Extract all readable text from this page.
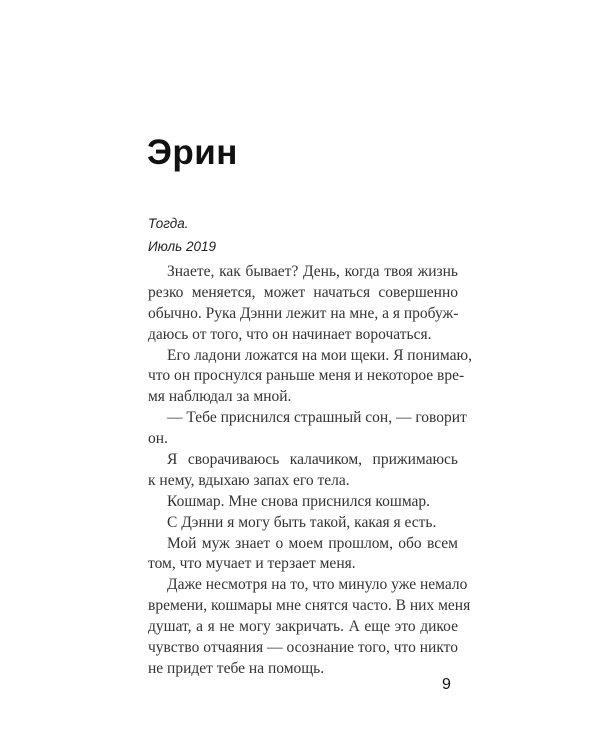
Эрин
Тогда.
Июль 2019
Знаете, как бывает? День, когда твоя жизнь
резко меняется, может начаться совершенно
обычно. Рука Дэнни лежит на мне, а я пробуж-
даюсь от того, что он начинает ворочаться.
Его ладони ложатся на мои щеки. Я понимаю,
что он проснулся раньше меня и некоторое вре-
мя наблюдал за мной.
— Тебе приснился страшный сон, — говорит
он.
Я сворачиваюсь калачиком, прижимаюсь
к нему, вдыхаю запах его тела.
Кошмар. Мне снова приснился кошмар.
С Дэнни я могу быть такой, какая я есть.
Мой муж знает о моем прошлом, обо всем
том, что мучает и терзает меня.
Даже несмотря на то, что минуло уже немало
времени, кошмары мне снятся часто. В них меня
душат, а я не могу закричать. А еще это дикое
чувство отчаяния — осознание того, что никто
не придет тебе на помощь.
9
